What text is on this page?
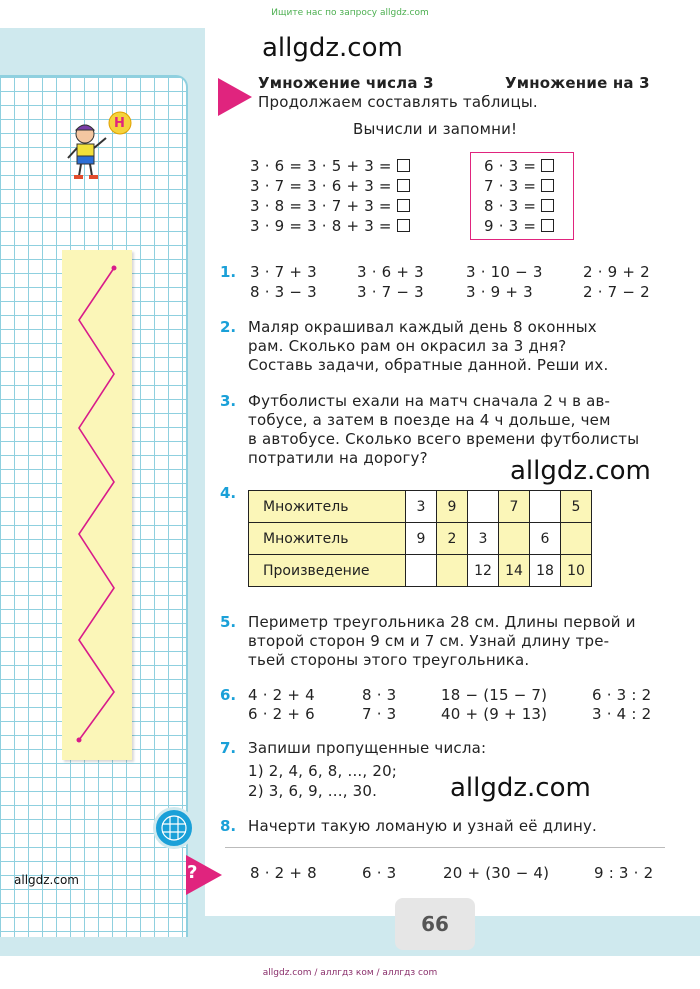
Ищите нас по запросу allgdz.com
Н
66
allgdz.com
allgdz.com
allgdz.com
allgdz.com
Умножение числа 3	Умножение на 3
Продолжаем составлять таблицы.
Вычисли и запомни!
3 · 6 = 3 · 5 + 3 =
3 · 7 = 3 · 6 + 3 =
3 · 8 = 3 · 7 + 3 =
3 · 9 = 3 · 8 + 3 =
6 · 3 =
7 · 3 =
8 · 3 =
9 · 3 =
1. 3 · 7 + 3	3 · 6 + 3	3 · 10 − 3	2 · 9 + 2
8 · 3 − 3	3 · 7 − 3	3 · 9 + 3	2 · 7 − 2
2. Маляр окрашивал каждый день 8 оконных
рам. Сколько рам он окрасил за 3 дня?
Составь задачи, обратные данной. Реши их.
3. Футболисты ехали на матч сначала 2 ч в ав-
тобусе, а затем в поезде на 4 ч дольше, чем
в автобусе. Сколько всего времени футболисты
потратили на дорогу?
4.
Множитель	3	9		7		5
Множитель	9	2	3		6	
Произведение			12	14	18	10
5. Периметр треугольника 28 см. Длины первой и
второй сторон 9 см и 7 см. Узнай длину тре-
тьей стороны этого треугольника.
6. 4 · 2 + 4	8 · 3	18 − (15 − 7)	6 · 3 : 2
6 · 2 + 6	7 · 3	40 + (9 + 13)	3 · 4 : 2
7. Запиши пропущенные числа:
1) 2, 4, 6, 8, ..., 20;
2) 3, 6, 9, ..., 30.
8. Начерти такую ломаную и узнай её длину.
?	8 · 2 + 8	6 · 3	20 + (30 − 4)	9 : 3 · 2
allgdz.com / аллгдз ком / аллгдз com
